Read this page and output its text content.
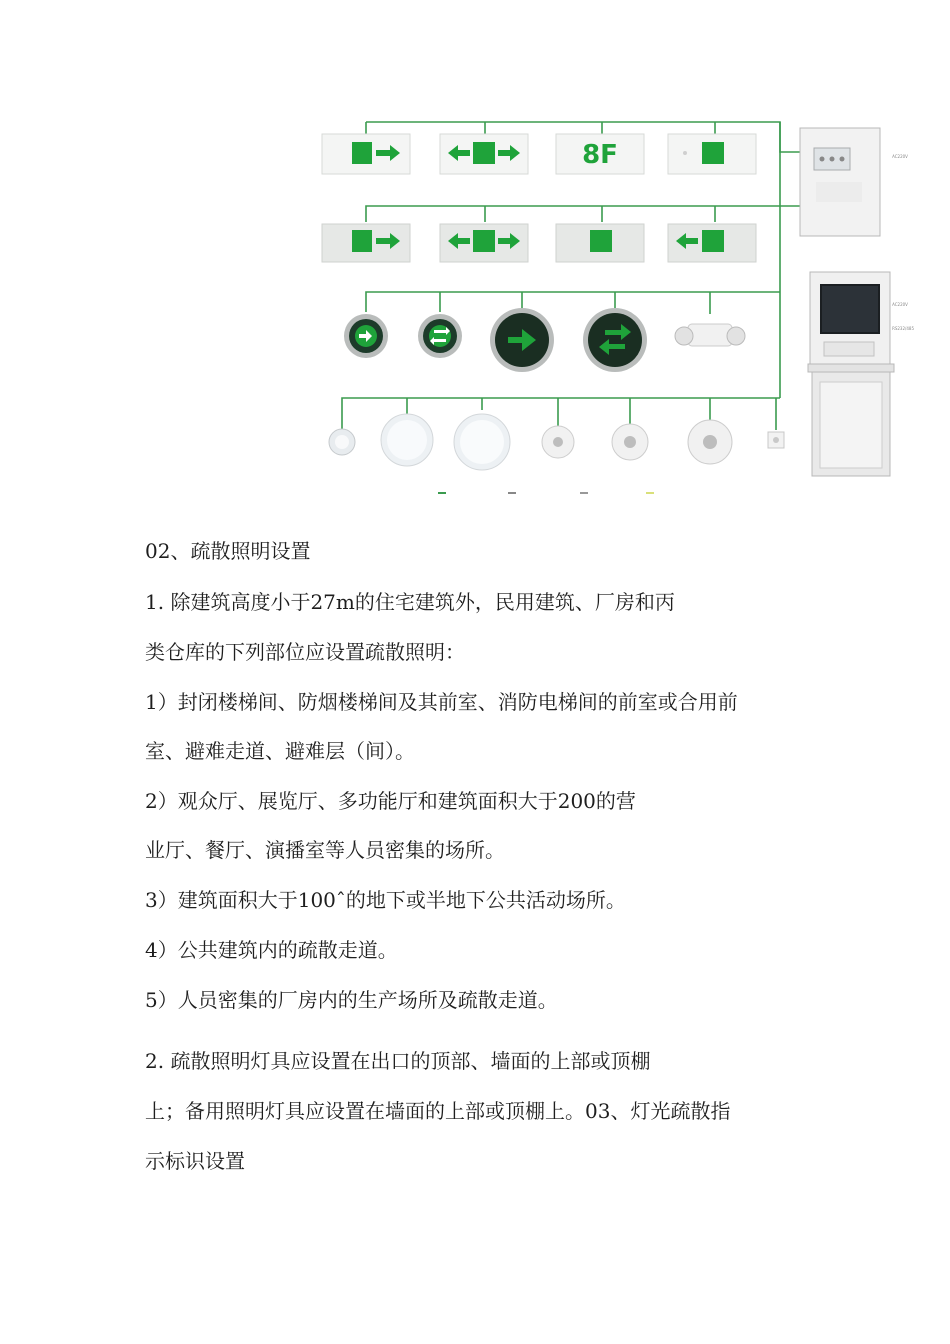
8F	AC220V
AC220V
RS232/485
02、疏散照明设置
1. 除建筑高度小于27m的住宅建筑外，民用建筑、厂房和丙
类仓库的下列部位应设置疏散照明：
1）封闭楼梯间、防烟楼梯间及其前室、消防电梯间的前室或合用前
室、避难走道、避难层（间）。
2）观众厅、展览厅、多功能厅和建筑面积大于200的营
业厅、餐厅、演播室等人员密集的场所。
3）建筑面积大于100ˆ的地下或半地下公共活动场所。
4）公共建筑内的疏散走道。
5）人员密集的厂房内的生产场所及疏散走道。
2. 疏散照明灯具应设置在出口的顶部、墙面的上部或顶棚
上；备用照明灯具应设置在墙面的上部或顶棚上。03、灯光疏散指
示标识设置
